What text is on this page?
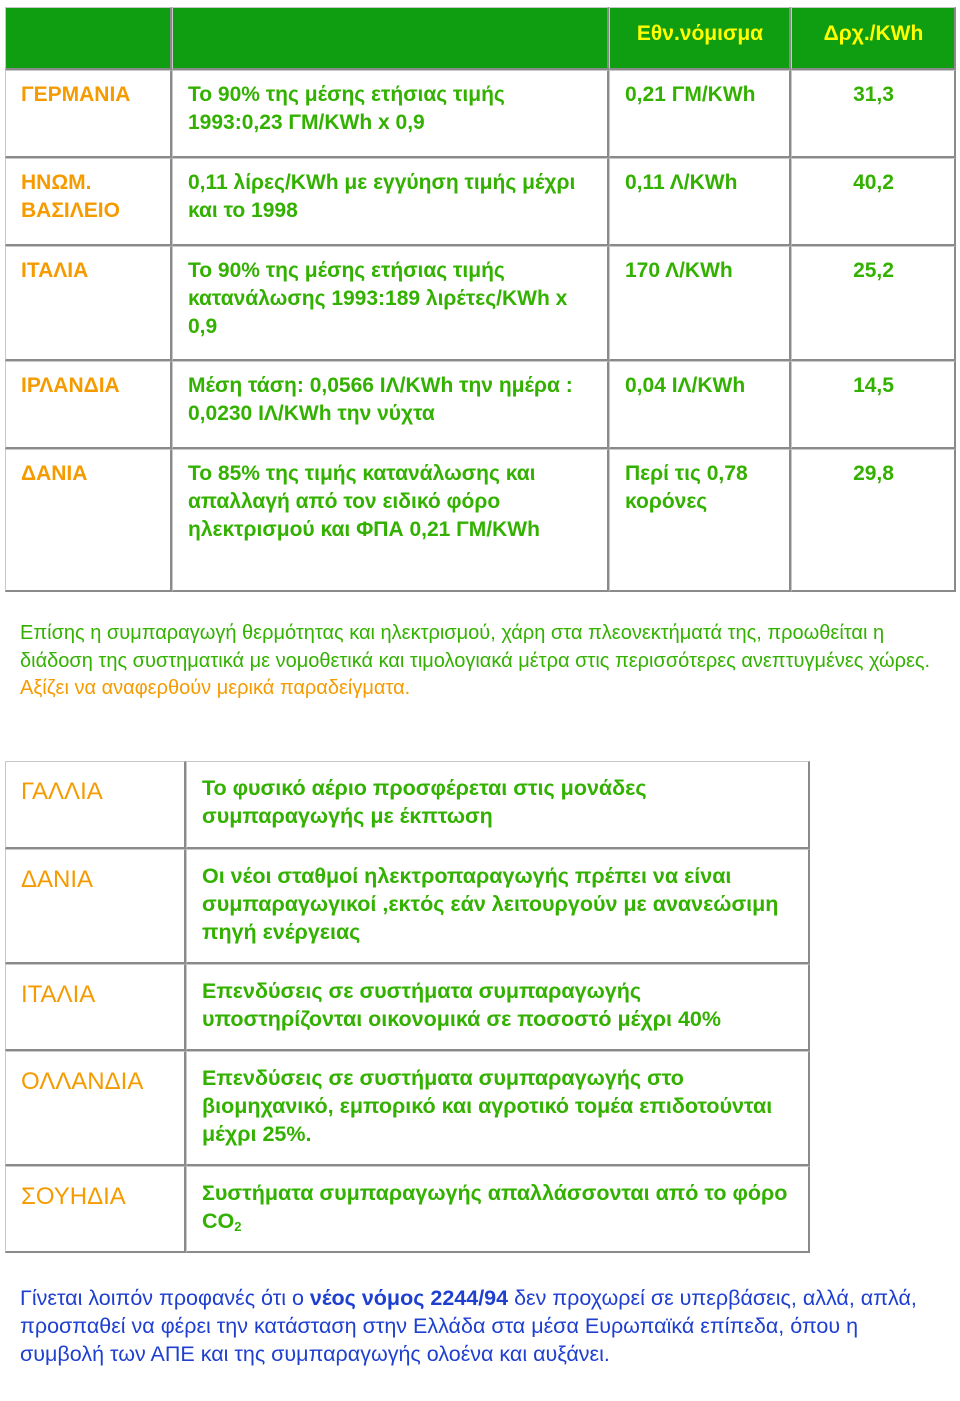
		Εθν.νόμισμα	Δρχ./KWh
ΓΕΡΜΑΝΙΑ	Το 90% της μέσης ετήσιας τιμής 1993:0,23 ΓΜ/KWh x 0,9	0,21 ΓΜ/KWh	31,3
ΗΝΩΜ. ΒΑΣΙΛΕΙΟ	0,11 λίρες/KWh με εγγύηση τιμής μέχρι και το 1998	0,11 Λ/KWh	40,2
ΙΤΑΛΙΑ	Το 90% της μέσης ετήσιας τιμής κατανάλωσης 1993:189 λιρέτες/KWh x 0,9	170 Λ/KWh	25,2
ΙΡΛΑΝΔΙΑ	Μέση τάση: 0,0566 ΙΛ/KWh την ημέρα : 0,0230 ΙΛ/KWh την νύχτα	0,04 ΙΛ/KWh	14,5
ΔΑΝΙΑ	Το 85% της τιμής κατανάλωσης και απαλλαγή από τον ειδικό φόρο ηλεκτρισμού και ΦΠΑ 0,21 ΓΜ/KWh	Περί τις 0,78 κορόνες	29,8

Επίσης η συμπαραγωγή θερμότητας και ηλεκτρισμού, χάρη στα πλεονεκτήματά της, προωθείται η διάδοση της συστηματικά με νομοθετικά και τιμολογιακά μέτρα στις περισσότερες ανεπτυγμένες χώρες. Αξίζει να αναφερθούν μερικά παραδείγματα.

ΓΑΛΛΙΑ	Το φυσικό αέριο προσφέρεται στις μονάδες συμπαραγωγής με έκπτωση
ΔΑΝΙΑ	Οι νέοι σταθμοί ηλεκτροπαραγωγής πρέπει να είναι συμπαραγωγικοί ,εκτός εάν λειτουργούν με ανανεώσιμη πηγή ενέργειας
ΙΤΑΛΙΑ	Επενδύσεις σε συστήματα συμπαραγωγής υποστηρίζονται οικονομικά σε ποσοστό μέχρι 40%
ΟΛΛΑΝΔΙΑ	Επενδύσεις σε συστήματα συμπαραγωγής στο βιομηχανικό, εμπορικό και αγροτικό τομέα επιδοτούνται μέχρι 25%.
ΣΟΥΗΔΙΑ	Συστήματα συμπαραγωγής απαλλάσσονται από το φόρο $CO_2$

Γίνεται λοιπόν προφανές ότι ο νέος νόμος 2244/94 δεν προχωρεί σε υπερβάσεις, αλλά, απλά, προσπαθεί να φέρει την κατάσταση στην Ελλάδα στα μέσα Ευρωπαϊκά επίπεδα, όπου η συμβολή των ΑΠΕ και της συμπαραγωγής ολοένα και αυξάνει.
